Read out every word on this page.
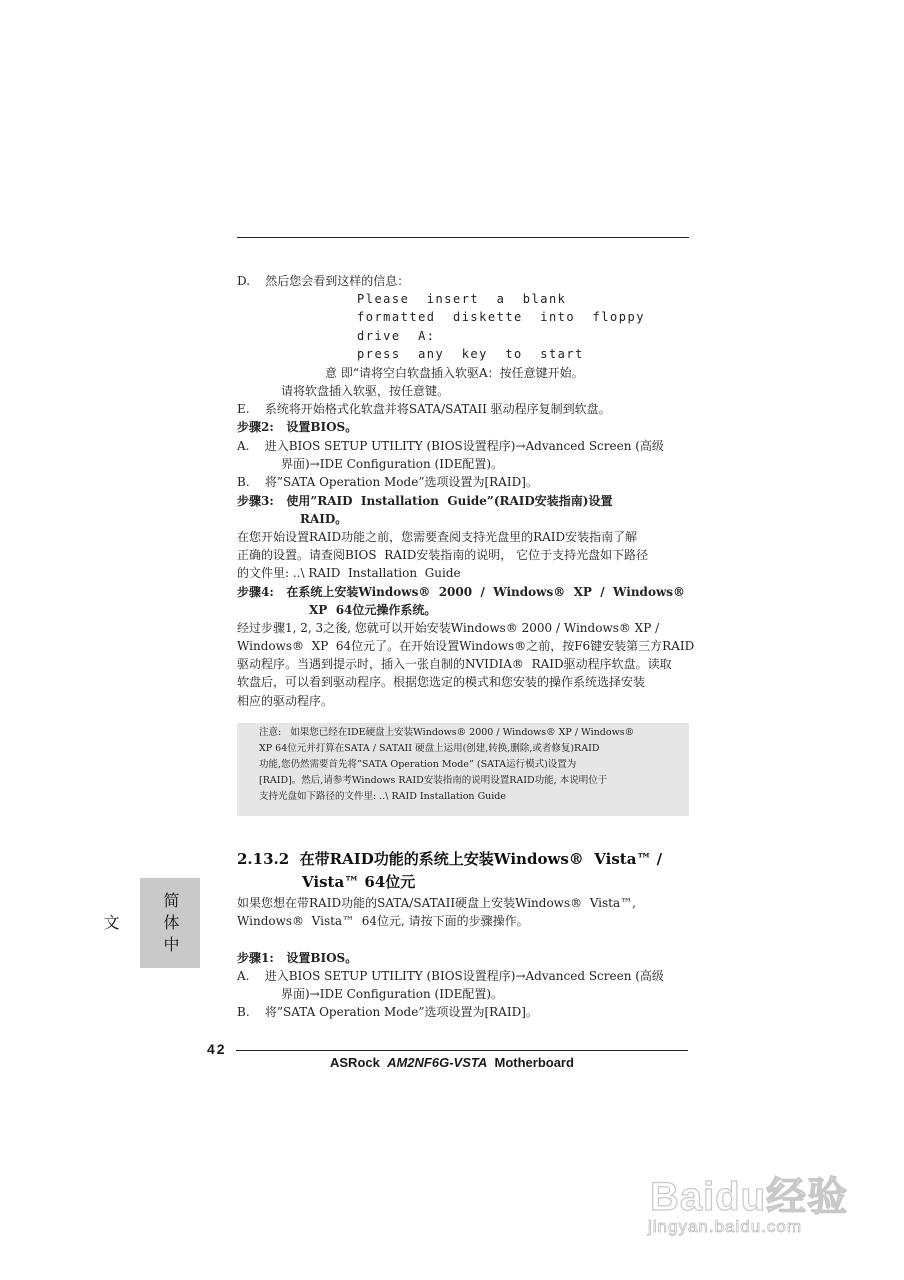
D.    然后您会看到这样的信息：
Please  insert  a  blank
formatted  diskette  into  floppy
drive  A:
press  any  key  to  start
意 即“请将空白软盘插入软驱A：按任意键开始。
请将软盘插入软驱，按任意键。
E.    系统将开始格式化软盘并将SATA/SATAII 驱动程序复制到软盘。
步骤2:   设置BIOS。
A.    进入BIOS SETUP UTILITY (BIOS设置程序)→Advanced Screen (高级
界面)→IDE Configuration (IDE配置)。
B.    将”SATA Operation Mode”选项设置为[RAID]。
步骤3:   使用”RAID  Installation  Guide”(RAID安装指南)设置
RAID。
在您开始设置RAID功能之前，您需要查阅支持光盘里的RAID安装指南了解
正确的设置。请查阅BIOS  RAID安装指南的说明， 它位于支持光盘如下路径
的文件里: ..\ RAID  Installation  Guide
步骤4:   在系统上安装Windows®  2000  /  Windows®  XP  /  Windows®
XP  64位元操作系统。
经过步骤1, 2, 3之後, 您就可以开始安装Windows® 2000 / Windows® XP /
Windows®  XP  64位元了。在开始设置Windows®之前，按F6键安装第三方RAID
驱动程序。当遇到提示时，插入一张自制的NVIDIA®  RAID驱动程序软盘。读取
软盘后，可以看到驱动程序。根据您选定的模式和您安装的操作系统选择安装
相应的驱动程序。
如果您想在带RAID功能的SATA/SATAII硬盘上安装Windows®  Vista™,
Windows®  Vista™  64位元, 请按下面的步骤操作。
步骤1:   设置BIOS。
A.    进入BIOS SETUP UTILITY (BIOS设置程序)→Advanced Screen (高级
界面)→IDE Configuration (IDE配置)。
B.    将”SATA Operation Mode”选项设置为[RAID]。
注意:   如果您已经在IDE硬盘上安装Windows® 2000 / Windows® XP / Windows®
XP 64位元并打算在SATA / SATAII 硬盘上运用(创建,转换,删除,或者修复)RAID
功能,您仍然需要首先将”SATA Operation Mode” (SATA运行模式)设置为
[RAID]。然后,请参考Windows RAID安装指南的说明设置RAID功能, 本说明位于
支持光盘如下路径的文件里: ..\ RAID Installation Guide
2.13.2  在带RAID功能的系统上安装Windows®  Vista™ /
Vista™ 64位元
简体中文
42
ASRock AM2NF6G-VSTA Motherboard
Baidu经验
jingyan.baidu.com
